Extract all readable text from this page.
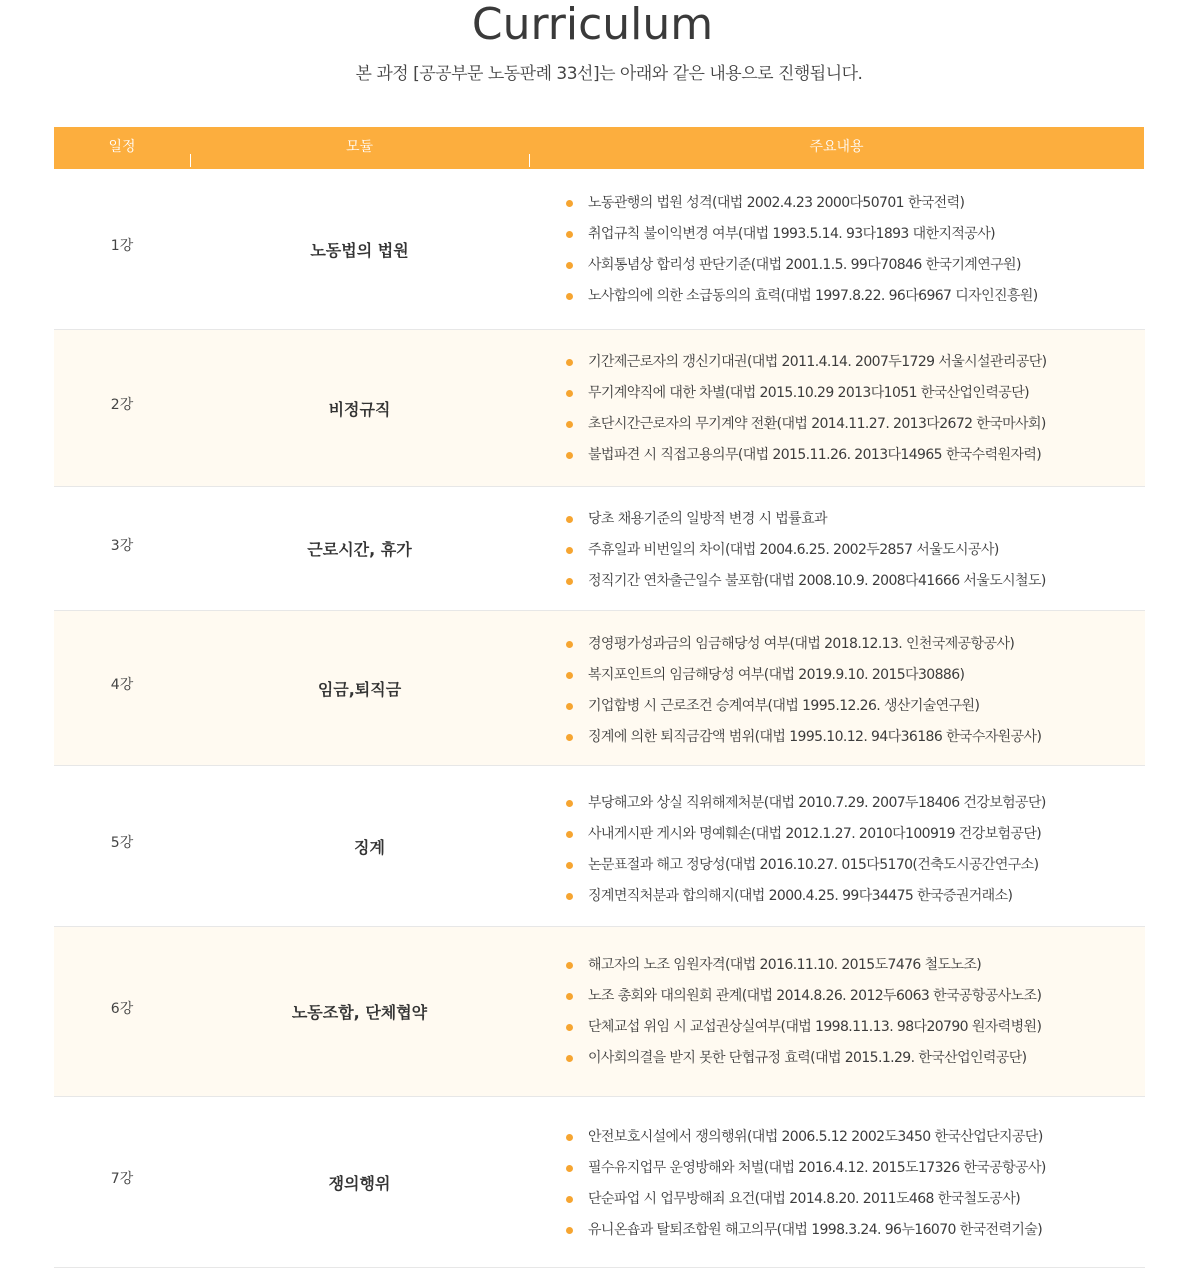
Curriculum

본 과정 [공공부문 노동판례 33선]는 아래와 같은 내용으로 진행됩니다.

일정	모듈	주요내용
1강	노동법의 법원
노동관행의 법원 성격(대법 2002.4.23 2000다50701 한국전력)
취업규칙 불이익변경 여부(대법 1993.5.14. 93다1893 대한지적공사)
사회통념상 합리성 판단기준(대법 2001.1.5. 99다70846 한국기계연구원)
노사합의에 의한 소급동의의 효력(대법 1997.8.22. 96다6967 디자인진흥원)
2강	비정규직
기간제근로자의 갱신기대권(대법 2011.4.14. 2007두1729 서울시설관리공단)
무기계약직에 대한 차별(대법 2015.10.29 2013다1051 한국산업인력공단)
초단시간근로자의 무기계약 전환(대법 2014.11.27. 2013다2672 한국마사회)
불법파견 시 직접고용의무(대법 2015.11.26. 2013다14965 한국수력원자력)
3강	근로시간, 휴가
당초 채용기준의 일방적 변경 시 법률효과
주휴일과 비번일의 차이(대법 2004.6.25. 2002두2857 서울도시공사)
정직기간 연차출근일수 불포함(대법 2008.10.9. 2008다41666 서울도시철도)
4강	임금,퇴직금
경영평가성과금의 임금해당성 여부(대법 2018.12.13. 인천국제공항공사)
복지포인트의 임금해당성 여부(대법 2019.9.10. 2015다30886)
기업합병 시 근로조건 승계여부(대법 1995.12.26. 생산기술연구원)
징계에 의한 퇴직금감액 범위(대법 1995.10.12. 94다36186 한국수자원공사)
5강	징계
부당해고와 상실 직위해제처분(대법 2010.7.29. 2007두18406 건강보험공단)
사내게시판 게시와 명예훼손(대법 2012.1.27. 2010다100919 건강보험공단)
논문표절과 해고 정당성(대법 2016.10.27. 015다5170(건축도시공간연구소)
징계면직처분과 합의해지(대법 2000.4.25. 99다34475 한국증권거래소)
6강	노동조합, 단체협약
해고자의 노조 임원자격(대법 2016.11.10. 2015도7476 철도노조)
노조 총회와 대의원회 관계(대법 2014.8.26. 2012두6063 한국공항공사노조)
단체교섭 위임 시 교섭권상실여부(대법 1998.11.13. 98다20790 원자력병원)
이사회의결을 받지 못한 단협규정 효력(대법 2015.1.29. 한국산업인력공단)
7강	쟁의행위
안전보호시설에서 쟁의행위(대법 2006.5.12 2002도3450 한국산업단지공단)
필수유지업무 운영방해와 처벌(대법 2016.4.12. 2015도17326 한국공항공사)
단순파업 시 업무방해죄 요건(대법 2014.8.20. 2011도468 한국철도공사)
유니온숍과 탈퇴조합원 해고의무(대법 1998.3.24. 96누16070 한국전력기술)
